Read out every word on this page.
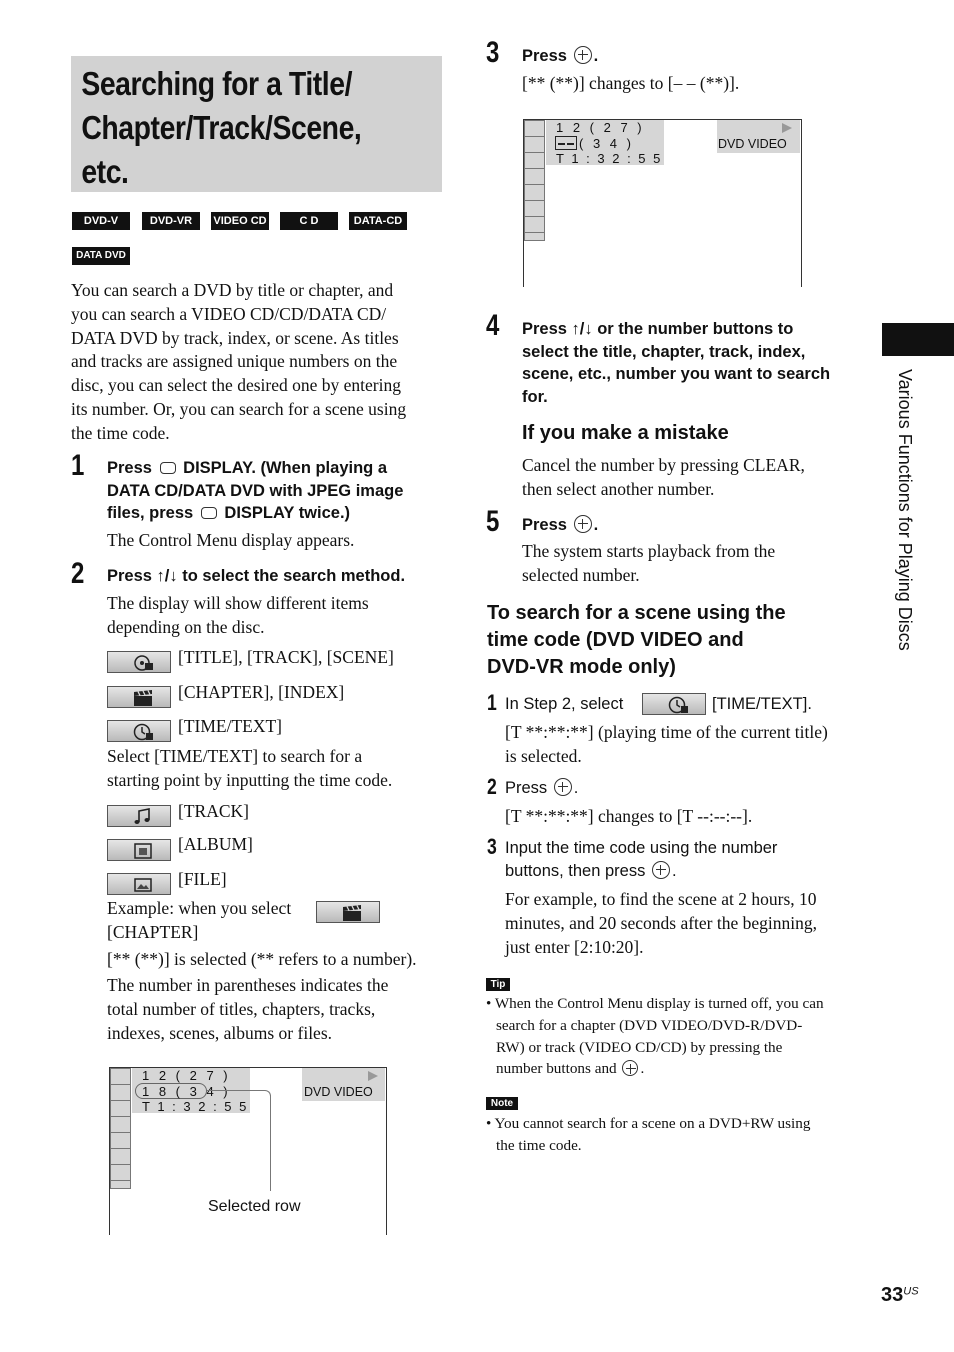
Searching for a Title/
Chapter/Track/Scene,
etc.
DVD-V	DVD-VR	VIDEO CD	C D	DATA-CD
DATA DVD
You can search a DVD by title or chapter, and
you can search a VIDEO CD/CD/DATA CD/
DATA DVD by track, index, or scene. As titles
and tracks are assigned unique numbers on the
disc, you can select the desired one by entering
its number. Or, you can search for a scene using
the time code.
1 Press DISPLAY. (When playing a
DATA CD/DATA DVD with JPEG image
files, press DISPLAY twice.)
The Control Menu display appears.
2 Press ↑/↓ to select the search method.
The display will show different items
depending on the disc.
[TITLE], [TRACK], [SCENE]
[CHAPTER], [INDEX]
[TIME/TEXT]
Select [TIME/TEXT] to search for a
starting point by inputting the time code.
[TRACK]
[ALBUM]
[FILE]
Example: when you select
[CHAPTER]
[** (**)] is selected (** refers to a number).
The number in parentheses indicates the
total number of titles, chapters, tracks,
indexes, scenes, albums or files.
1 2 ( 2 7 )
1 8 ( 3 4 )
T 1 : 3 2 : 5 5
DVD VIDEO
Selected row
3 Press .
[** (**)] changes to [– – (**)].
1 2 ( 2 7 )
( 3 4 )
T 1 : 3 2 : 5 5
DVD VIDEO
4 Press ↑/↓ or the number buttons to
select the title, chapter, track, index,
scene, etc., number you want to search
for.
If you make a mistake
Cancel the number by pressing CLEAR,
then select another number.
5 Press .
The system starts playback from the
selected number.
To search for a scene using the
time code (DVD VIDEO and
DVD-VR mode only)
1 In Step 2, select	[TIME/TEXT].
[T **:**:**] (playing time of the current title)
is selected.
2 Press .
[T **:**:**] changes to [T --:--:--].
3 Input the time code using the number
buttons, then press .
For example, to find the scene at 2 hours, 10
minutes, and 20 seconds after the beginning,
just enter [2:10:20].
Tip
• When the Control Menu display is turned off, you can
search for a chapter (DVD VIDEO/DVD-R/DVD-
RW) or track (VIDEO CD/CD) by pressing the
number buttons and .
Note
• You cannot search for a scene on a DVD+RW using
the time code.
Various Functions for Playing Discs
$33^{US}$
